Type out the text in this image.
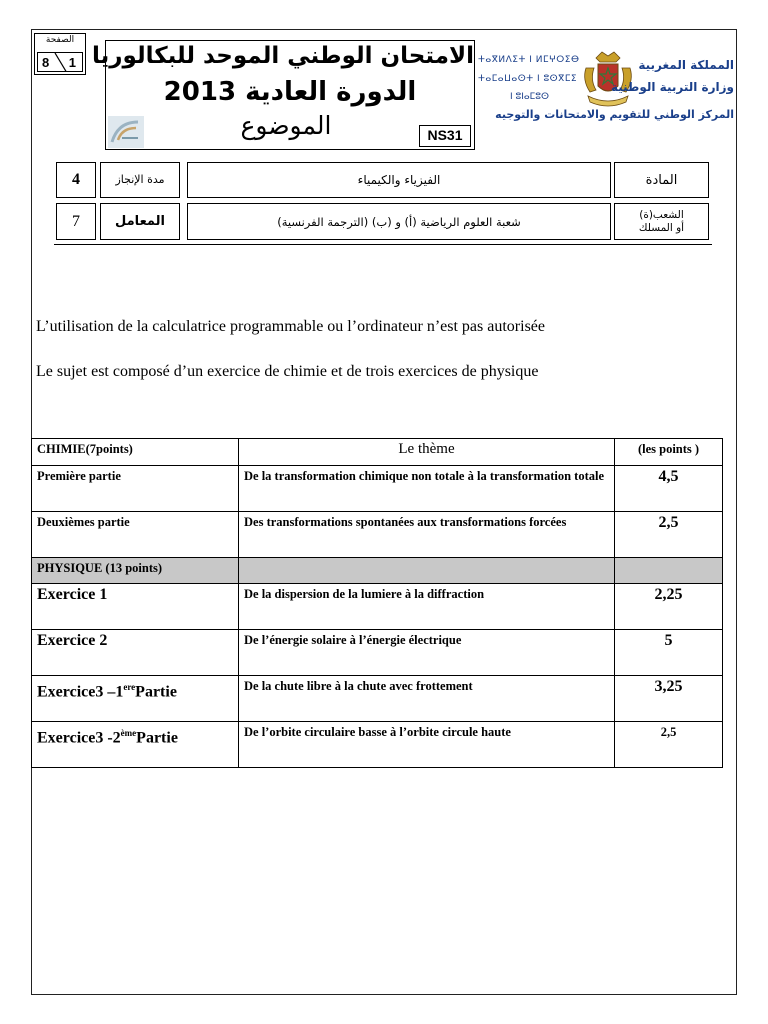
الصفحة
8 1 الامتحان الوطني الموحد للبكالوريا
الدورة العادية 2013
الموضوع	NS31
ⵜⴰⴳⵍⴷⵉⵜ ⵏ ⵍⵎⵖⵔⵉⴱ
ⵜⴰⵎⴰⵡⴰⵙⵜ ⵏ ⵓⵙⴳⵎⵉ
ⵏ ⵓⵏⴰⵎⵓⵙ
المملكة المغربية
وزارة التربية الوطنية
المركز الوطني للتقويم والامتحانات والتوجيه
4	مدة الإنجاز	الفيزياء والكيمياء	المادة
7	المعامل	شعبة العلوم الرياضية (أ) و (ب) (الترجمة الفرنسية)	الشعب(ة)
أو المسلك
L’utilisation de la calculatrice programmable ou l’ordinateur n’est pas autorisée
Le sujet est composé d’un exercice de chimie et de trois exercices de physique
CHIMIE(7points)	Le thème	(les points )
Première partie	De la transformation chimique non totale à la transformation totale	4,5
Deuxièmes partie	Des transformations spontanées aux transformations forcées	2,5
PHYSIQUE (13 points)		
Exercice 1	De la dispersion de la lumiere à la diffraction	2,25
Exercice 2	De l’énergie solaire à l’énergie électrique	5
Exercice3 –1erePartie	De la chute libre à la chute avec frottement	3,25
Exercice3 -2èmePartie	De l’orbite circulaire basse à l’orbite circule haute	2,5
